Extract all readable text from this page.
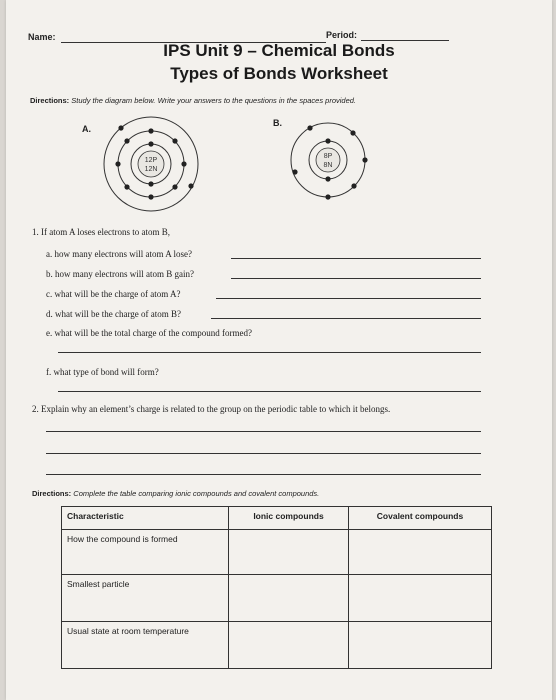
Name:	Period:
IPS Unit 9 – Chemical Bonds
Types of Bonds Worksheet
Directions: Study the diagram below. Write your answers to the questions in the spaces provided.
A.
12P
12N
B.
8P
8N
1. If atom A loses electrons to atom B,
a. how many electrons will atom A lose?
b. how many electrons will atom B gain?
c. what will be the charge of atom A?
d. what will be the charge of atom B?
e. what will be the total charge of the compound formed?
f. what type of bond will form?
2. Explain why an element’s charge is related to the group on the periodic table to which it belongs.
Directions: Complete the table comparing ionic compounds and covalent compounds.
Characteristic	Ionic compounds	Covalent compounds
How the compound is formed		
Smallest particle		
Usual state at room temperature		
